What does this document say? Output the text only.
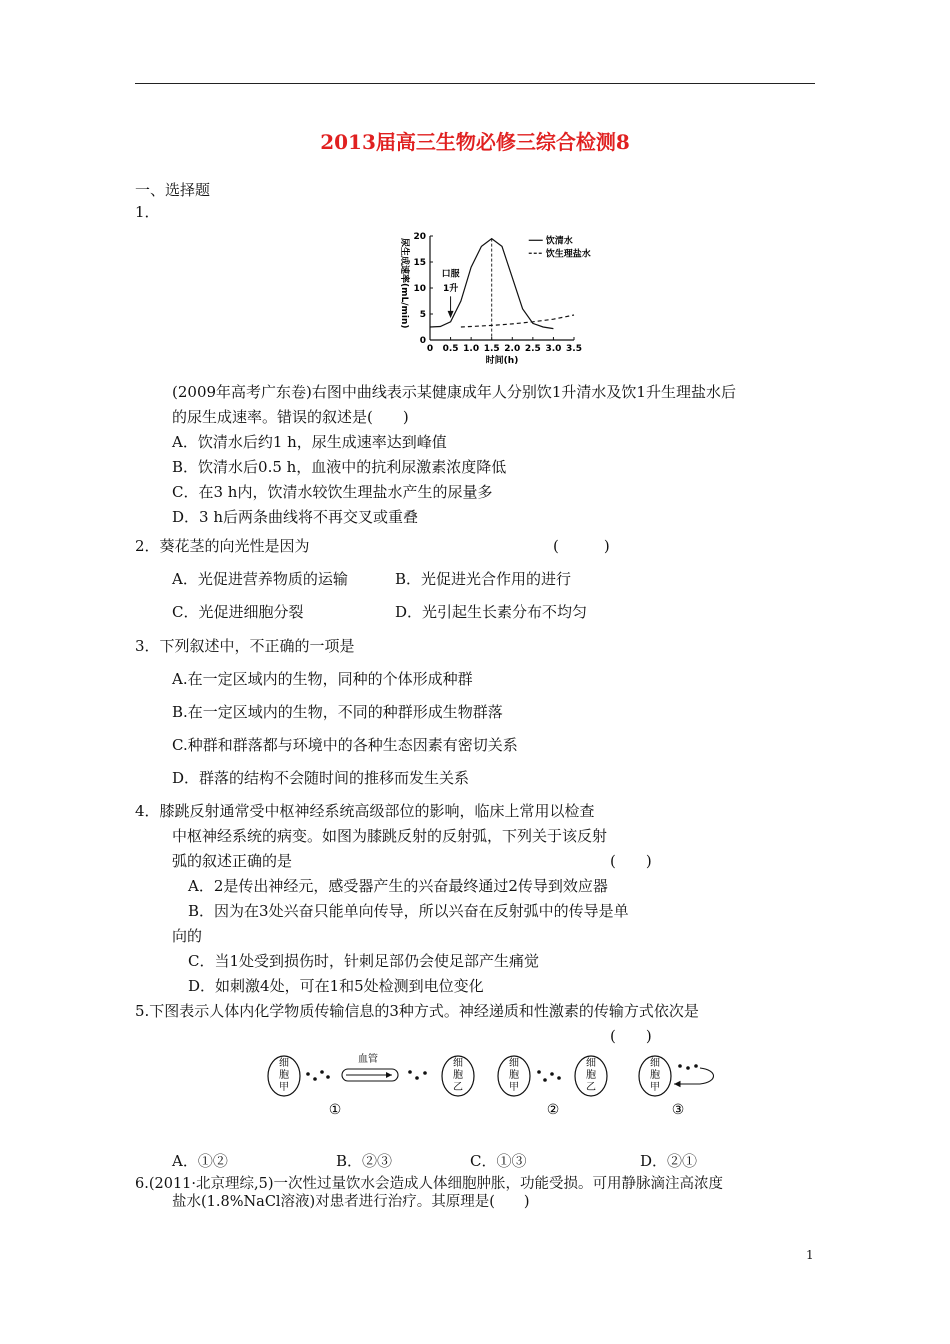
2013届高三生物必修三综合检测8
一、选择题
1．
0 0.5 1.0 1.5 2.0 2.5 3.0 3.5
0
5
10
15
20
时间(h)
尿生成速率(mL/min)	口服
1升
饮清水
饮生理盐水
(2009年高考广东卷)右图中曲线表示某健康成年人分别饮1升清水及饮1升生理盐水后
的尿生成速率。错误的叙述是(　　)
A．饮清水后约1 h，尿生成速率达到峰值
B．饮清水后0.5 h，血液中的抗利尿激素浓度降低
C．在3 h内，饮清水较饮生理盐水产生的尿量多
D．3 h后两条曲线将不再交叉或重叠
2．葵花茎的向光性是因为	(　　　)
A．光促进营养物质的运输	B．光促进光合作用的进行
C．光促进细胞分裂	D．光引起生长素分布不均匀
3．下列叙述中，不正确的一项是
A.在一定区域内的生物，同种的个体形成种群
B.在一定区域内的生物，不同的种群形成生物群落
C.种群和群落都与环境中的各种生态因素有密切关系
D．群落的结构不会随时间的推移而发生关系
4．膝跳反射通常受中枢神经系统高级部位的影响，临床上常用以检查
中枢神经系统的病变。如图为膝跳反射的反射弧，下列关于该反射
弧的叙述正确的是	(　　)
A．2是传出神经元，感受器产生的兴奋最终通过2传导到效应器
B．因为在3处兴奋只能单向传导，所以兴奋在反射弧中的传导是单
向的
C．当1处受到损伤时，针刺足部仍会使足部产生痛觉
D．如刺激4处，可在1和5处检测到电位变化
5.下图表示人体内化学物质传输信息的3种方式。神经递质和性激素的传输方式依次是
(　　)
细
胞
甲
血管	细
胞
乙
①
细
胞
甲
细
胞
乙
②
细
胞
甲
③
A．①②	B．②③	C．①③	D．②①
6.(2011·北京理综,5)一次性过量饮水会造成人体细胞肿胀，功能受损。可用静脉滴注高浓度
盐水(1.8%NaCl溶液)对患者进行治疗。其原理是(　　)
1
